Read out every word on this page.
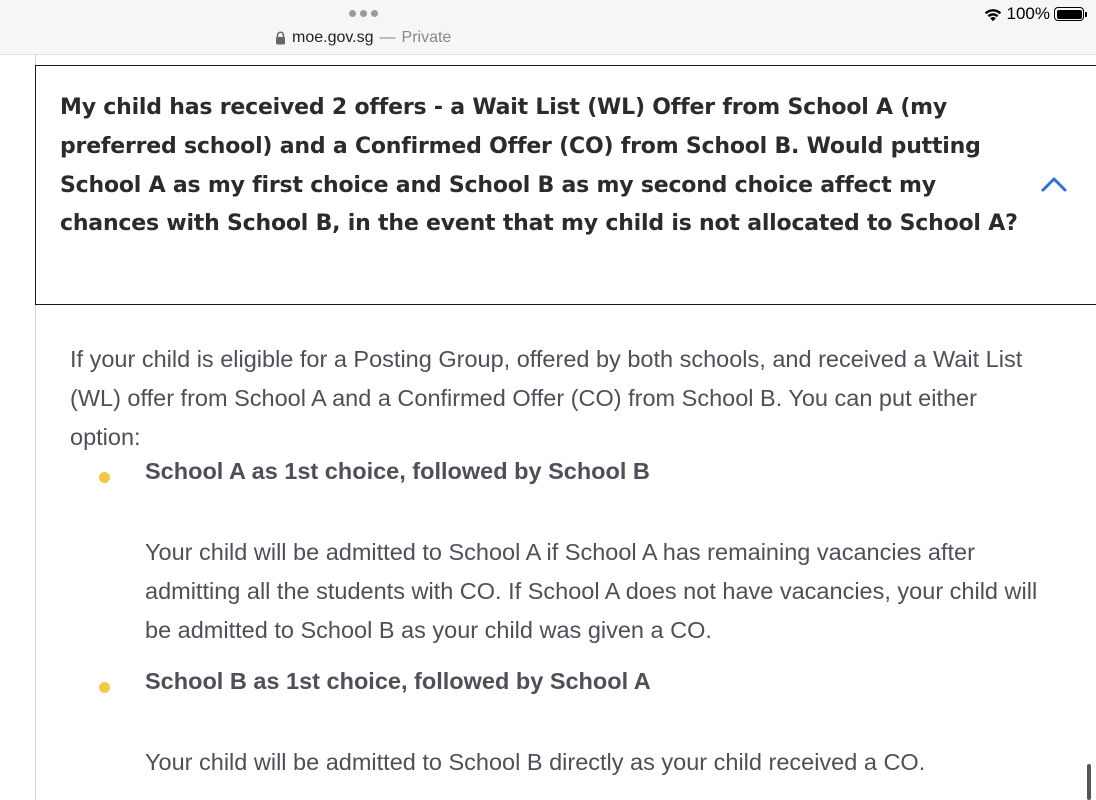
100%
moe.gov.sg — Private
My child has received 2 offers - a Wait List (WL) Offer from School A (my preferred school) and a Confirmed Offer (CO) from School B. Would putting School A as my first choice and School B as my second choice affect my chances with School B, in the event that my child is not allocated to School A?

If your child is eligible for a Posting Group, offered by both schools, and received a Wait List (WL) offer from School A and a Confirmed Offer (CO) from School B. You can put either option:

School A as 1st choice, followed by School B

Your child will be admitted to School A if School A has remaining vacancies after admitting all the students with CO. If School A does not have vacancies, your child will be admitted to School B as your child was given a CO.

School B as 1st choice, followed by School A

Your child will be admitted to School B directly as your child received a CO.
